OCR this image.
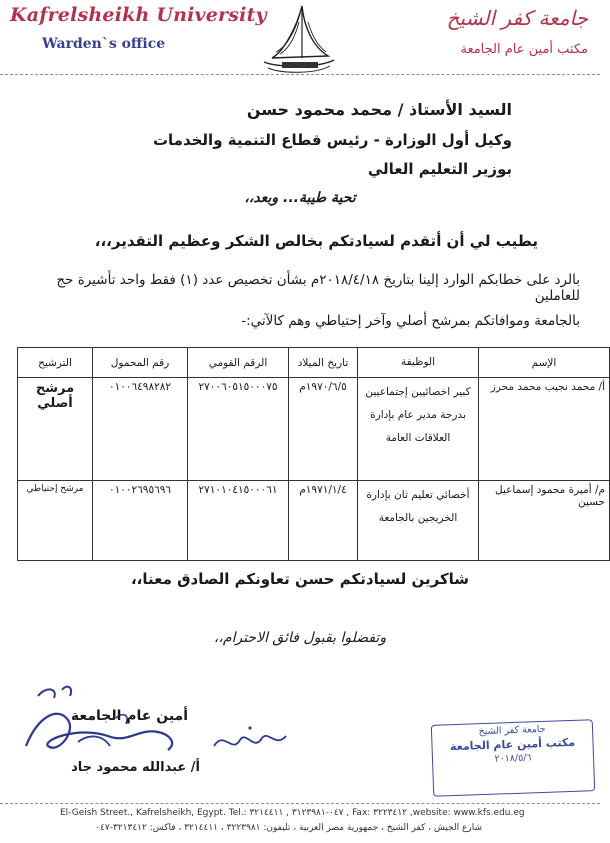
Kafrelsheikh University
Warden`s office
جامعة كفر الشيخ
مكتب أمين عام الجامعة
السيد الأستاذ / محمد محمود حسن
وكيل أول الوزارة - رئيس قطاع التنمية والخدمات
بوزير التعليم العالي
تحية طيبة... وبعد،،
يطيب لي أن أتقدم لسيادتكم بخالص الشكر وعظيم التقدير،،،
بالرد على خطابكم الوارد إلينا بتاريخ ٢٠١٨/٤/١٨م بشأن تخصيص عدد (١) فقط واحد تأشيرة حج للعاملين
بالجامعة وموافاتكم بمرشح أصلي وآخر إحتياطي وهم كالآتي:-
الإسم	الوظيفة	تاريخ الميلاد	الرقم القومي	رقم المحمول	الترشيح
أ/ محمد نجيب محمد محرز	كبير اخصائيين إجتماعيين بدرجة مدير عام بإدارة العلاقات العامة	١٩٧٠/٦/٥م	٢٧٠٠٦٠٥١٥٠٠٠٧٥	٠١٠٠٦٤٩٨٢٨٢	مرشح أصلي
م/ أميرة محمود إسماعيل حسين	أخصائي تعليم ثان بإدارة الخريجين بالجامعة	١٩٧١/١/٤م	٢٧١٠١٠٤١٥٠٠٠٦١	٠١٠٠٢٦٩٥٦٩٦	مرشح إحتياطي
شاكرين لسيادتكم حسن تعاونكم الصادق معنا،،
وتفضلوا بقبول فائق الاحترام،،
أمين عام الجامعة
أ/ عبدالله محمود جاد
جامعة كفر الشيخ
مكتب أمين عام الجامعة
٢٠١٨/٥/٦
El-Geish Street., Kafrelsheikh, Egypt. Tel.: ٠٤٧-٣١٢٣٩٨١ , ٣٢١٤٤١١ , Fax: ٣٢٢٣٤١٢ ,website: www.kfs.edu.eg
شارع الجيش ، كفر الشيخ ، جمهورية مصر العربية ، تليفون: ٣٢٢٣٩٨١ ، ٣٢١٤٤١١ ، فاكس: ٣٢١٣٤١٢-٠٤٧
